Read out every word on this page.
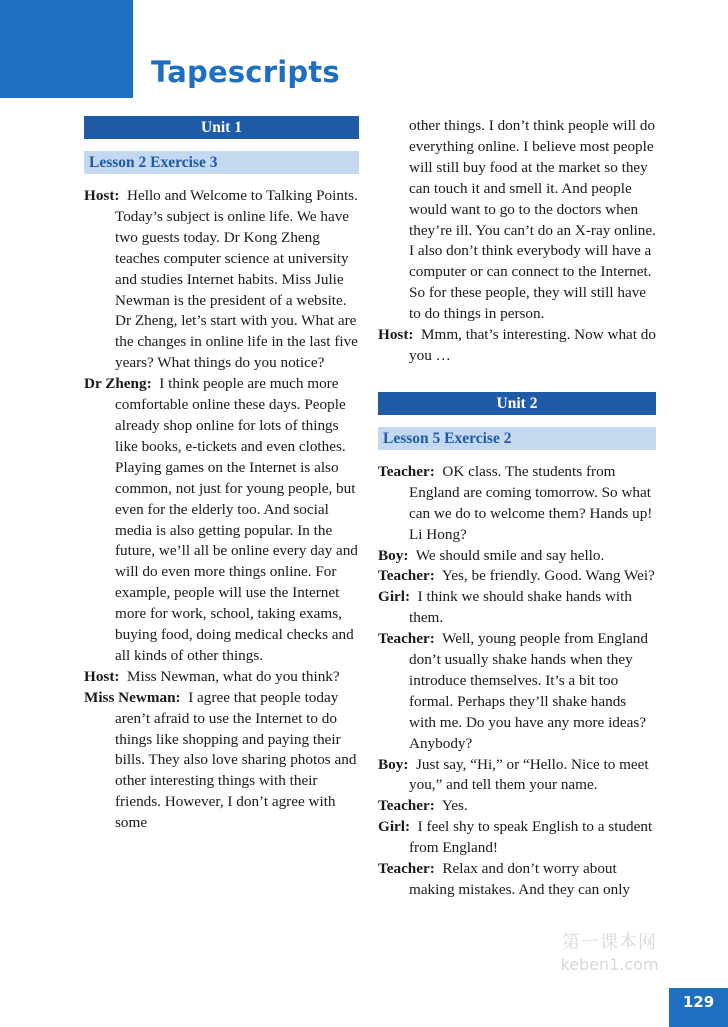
Tapescripts
Unit 1
Lesson 2 Exercise 3

Host: Hello and Welcome to Talking Points. Today’s subject is online life. We have two guests today. Dr Kong Zheng teaches computer science at university and studies Internet habits. Miss Julie Newman is the president of a website. Dr Zheng, let’s start with you. What are the changes in online life in the last five years? What things do you notice?

Dr Zheng: I think people are much more comfortable online these days. People already shop online for lots of things like books, e-tickets and even clothes. Playing games on the Internet is also common, not just for young people, but even for the elderly too. And social media is also getting popular. In the future, we’ll all be online every day and will do even more things online. For example, people will use the Internet more for work, school, taking exams, buying food, doing medical checks and all kinds of other things.

Host: Miss Newman, what do you think?

Miss Newman: I agree that people today aren’t afraid to use the Internet to do things like shopping and paying their bills. They also love sharing photos and other interesting things with their friends. However, I don’t agree with some

other things. I don’t think people will do everything online. I believe most people will still buy food at the market so they can touch it and smell it. And people would want to go to the doctors when they’re ill. You can’t do an X-ray online. I also don’t think everybody will have a computer or can connect to the Internet. So for these people, they will still have to do things in person.

Host: Mmm, that’s interesting. Now what do you …

Unit 2
Lesson 5 Exercise 2

Teacher: OK class. The students from England are coming tomorrow. So what can we do to welcome them? Hands up! Li Hong?

Boy: We should smile and say hello.

Teacher: Yes, be friendly. Good. Wang Wei?

Girl: I think we should shake hands with them.

Teacher: Well, young people from England don’t usually shake hands when they introduce themselves. It’s a bit too formal. Perhaps they’ll shake hands with me. Do you have any more ideas? Anybody?

Boy: Just say, “Hi,” or “Hello. Nice to meet you,” and tell them your name.

Teacher: Yes.

Girl: I feel shy to speak English to a student from England!

Teacher: Relax and don’t worry about making mistakes. And they can only

第一课本网
keben1.com
129
